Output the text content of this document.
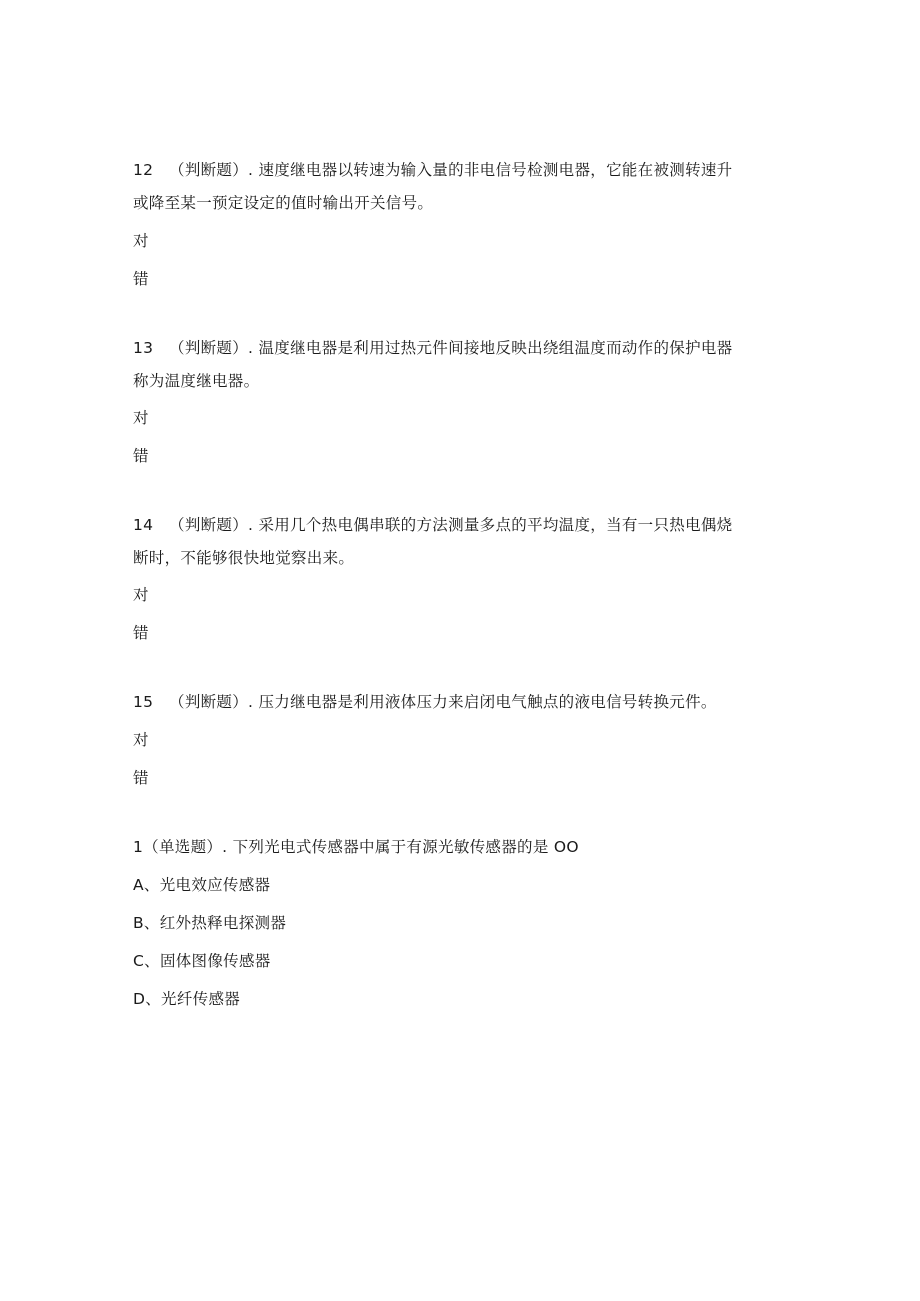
12 （判断题）. 速度继电器以转速为输入量的非电信号检测电器，它能在被测转速升
或降至某一预定设定的值时输出开关信号。
对
错
13 （判断题）. 温度继电器是利用过热元件间接地反映出绕组温度而动作的保护电器
称为温度继电器。
对
错
14 （判断题）. 采用几个热电偶串联的方法测量多点的平均温度，当有一只热电偶烧
断时，不能够很快地觉察出来。
对
错
15 （判断题）. 压力继电器是利用液体压力来启闭电气触点的液电信号转换元件。
对
错
1（单选题）. 下列光电式传感器中属于有源光敏传感器的是 OO
A、光电效应传感器
B、红外热释电探测器
C、固体图像传感器
D、光纤传感器
